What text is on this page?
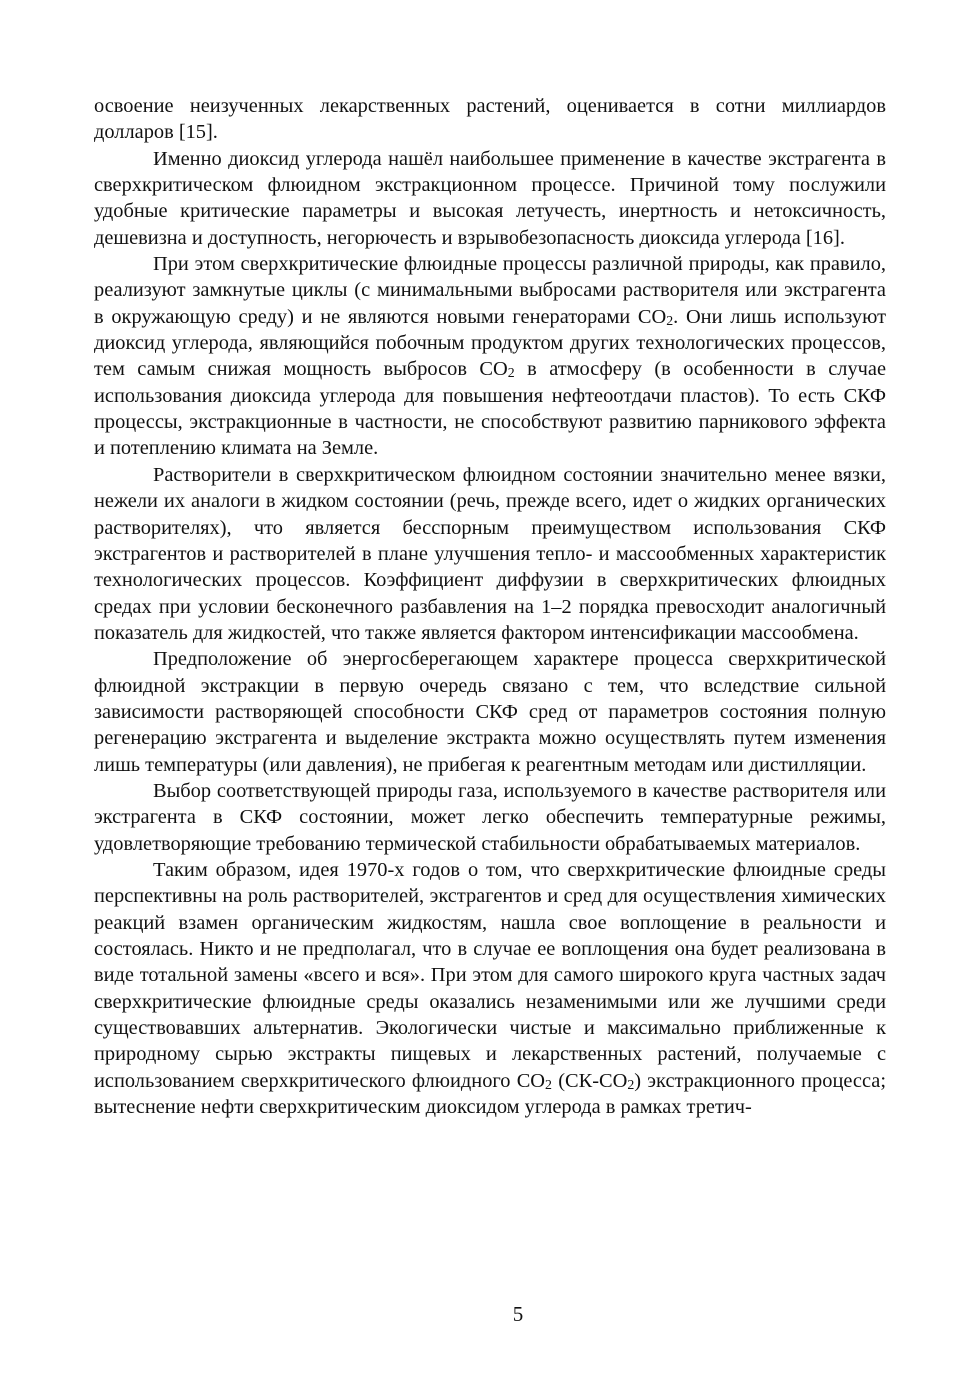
освоение неизученных лекарственных растений, оценивается в сотни миллиардов долларов [15].

Именно диоксид углерода нашёл наибольшее применение в качестве экстрагента в сверхкритическом флюидном экстракционном процессе. Причиной тому послужили удобные критические параметры и высокая летучесть, инертность и нетоксичность, дешевизна и доступность, негорючесть и взрывобезопасность диоксида углерода [16].

При этом сверхкритические флюидные процессы различной природы, как правило, реализуют замкнутые циклы (с минимальными выбросами растворителя или экстрагента в окружающую среду) и не являются новыми генераторами $CO_2$. Они лишь используют диоксид углерода, являющийся побочным продуктом других технологических процессов, тем самым снижая мощность выбросов $CO_2$ в атмосферу (в особенности в случае использования диоксида углерода для повышения нефтеоотдачи пластов). То есть СКФ процессы, экстракционные в частности, не способствуют развитию парникового эффекта и потеплению климата на Земле.

Растворители в сверхкритическом флюидном состоянии значительно менее вязки, нежели их аналоги в жидком состоянии (речь, прежде всего, идет о жидких органических растворителях), что является бесспорным преимуществом использования СКФ экстрагентов и растворителей в плане улучшения тепло- и массообменных характеристик технологических процессов. Коэффициент диффузии в сверхкритических флюидных средах при условии бесконечного разбавления на 1–2 порядка превосходит аналогичный показатель для жидкостей, что также является фактором интенсификации массообмена.

Предположение об энергосберегающем характере процесса сверхкритической флюидной экстракции в первую очередь связано с тем, что вследствие сильной зависимости растворяющей способности СКФ сред от параметров состояния полную регенерацию экстрагента и выделение экстракта можно осуществлять путем изменения лишь температуры (или давления), не прибегая к реагентным методам или дистилляции.

Выбор соответствующей природы газа, используемого в качестве растворителя или экстрагента в СКФ состоянии, может легко обеспечить температурные режимы, удовлетворяющие требованию термической стабильности обрабатываемых материалов.

Таким образом, идея 1970-х годов о том, что сверхкритические флюидные среды перспективны на роль растворителей, экстрагентов и сред для осуществления химических реакций взамен органическим жидкостям, нашла свое воплощение в реальности и состоялась. Никто и не предполагал, что в случае ее воплощения она будет реализована в виде тотальной замены «всего и вся». При этом для самого широкого круга частных задач сверхкритические флюидные среды оказались незаменимыми или же лучшими среди существовавших альтернатив. Экологически чистые и максимально приближенные к природному сырью экстракты пищевых и лекарственных растений, получаемые с использованием сверхкритического флюидного $CO_2$ $(СК-CO_2)$ экстракционного процесса; вытеснение нефти сверхкритическим диоксидом углерода в рамках третич-

5
